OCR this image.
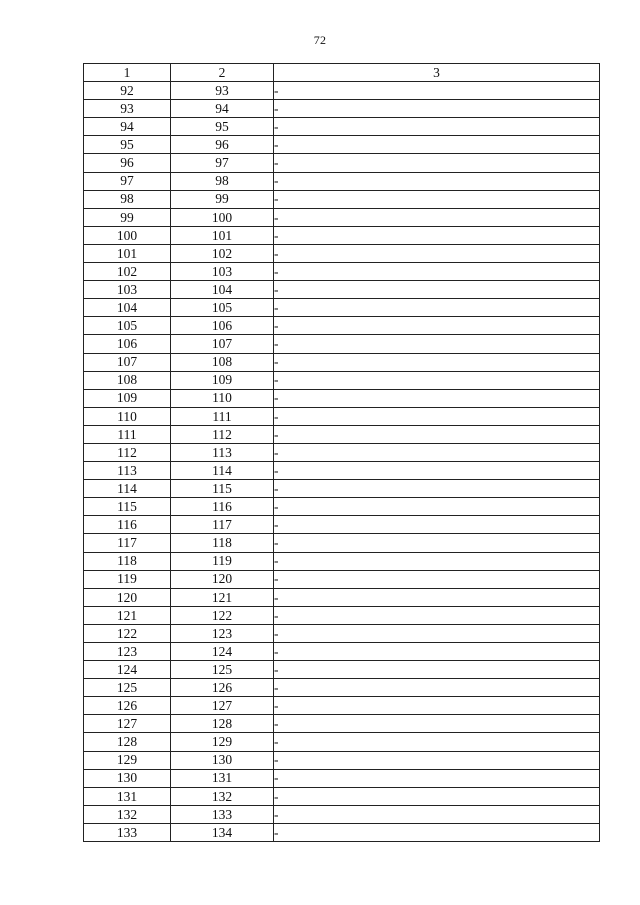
72
1	2	3
92	93	-
93	94	-
94	95	-
95	96	-
96	97	-
97	98	-
98	99	-
99	100	-
100	101	-
101	102	-
102	103	-
103	104	-
104	105	-
105	106	-
106	107	-
107	108	-
108	109	-
109	110	-
110	111	-
111	112	-
112	113	-
113	114	-
114	115	-
115	116	-
116	117	-
117	118	-
118	119	-
119	120	-
120	121	-
121	122	-
122	123	-
123	124	-
124	125	-
125	126	-
126	127	-
127	128	-
128	129	-
129	130	-
130	131	-
131	132	-
132	133	-
133	134	-
